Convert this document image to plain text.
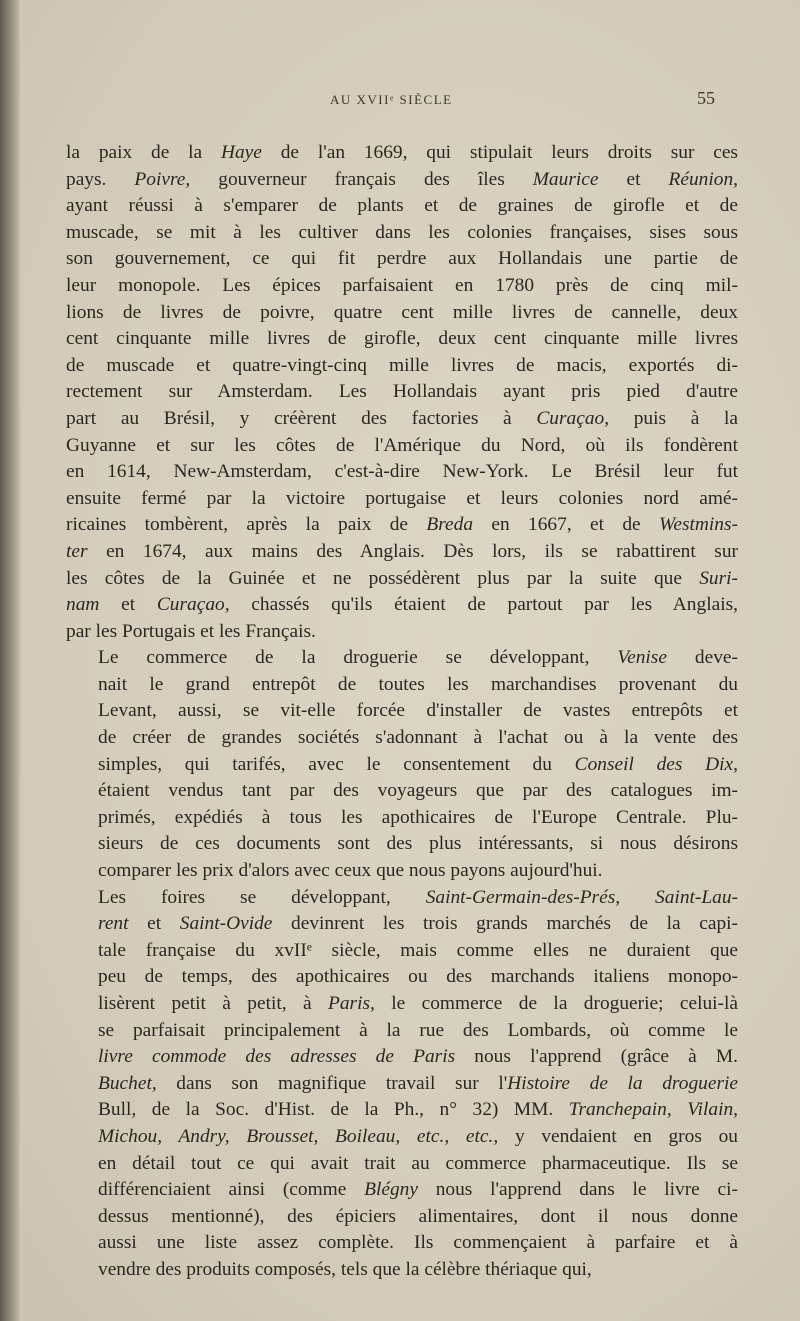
AU XVIIᵉ SIÈCLE	55

la paix de la Haye de l'an 1669, qui stipulait leurs droits sur ces
pays. Poivre, gouverneur français des îles Maurice et Réunion,
ayant réussi à s'emparer de plants et de graines de girofle et de
muscade, se mit à les cultiver dans les colonies françaises, sises sous
son gouvernement, ce qui fit perdre aux Hollandais une partie de
leur monopole. Les épices parfaisaient en 1780 près de cinq mil-
lions de livres de poivre, quatre cent mille livres de cannelle, deux
cent cinquante mille livres de girofle, deux cent cinquante mille livres
de muscade et quatre-vingt-cinq mille livres de macis, exportés di-
rectement sur Amsterdam. Les Hollandais ayant pris pied d'autre
part au Brésil, y créèrent des factories à Curaçao, puis à la
Guyanne et sur les côtes de l'Amérique du Nord, où ils fondèrent
en 1614, New-Amsterdam, c'est-à-dire New-York. Le Brésil leur fut
ensuite fermé par la victoire portugaise et leurs colonies nord amé-
ricaines tombèrent, après la paix de Breda en 1667, et de Westmins-
ter en 1674, aux mains des Anglais. Dès lors, ils se rabattirent sur
les côtes de la Guinée et ne possédèrent plus par la suite que Suri-
nam et Curaçao, chassés qu'ils étaient de partout par les Anglais,
par les Portugais et les Français.

Le commerce de la droguerie se développant, Venise deve-
nait le grand entrepôt de toutes les marchandises provenant du
Levant, aussi, se vit-elle forcée d'installer de vastes entrepôts et
de créer de grandes sociétés s'adonnant à l'achat ou à la vente des
simples, qui tarifés, avec le consentement du Conseil des Dix,
étaient vendus tant par des voyageurs que par des catalogues im-
primés, expédiés à tous les apothicaires de l'Europe Centrale. Plu-
sieurs de ces documents sont des plus intéressants, si nous désirons
comparer les prix d'alors avec ceux que nous payons aujourd'hui.

Les foires se développant, Saint-Germain-des-Prés, Saint-Lau-
rent et Saint-Ovide devinrent les trois grands marchés de la capi-
tale française du xvIIᵉ siècle, mais comme elles ne duraient que
peu de temps, des apothicaires ou des marchands italiens monopo-
lisèrent petit à petit, à Paris, le commerce de la droguerie; celui-là
se parfaisait principalement à la rue des Lombards, où comme le
livre commode des adresses de Paris nous l'apprend (grâce à M.
Buchet, dans son magnifique travail sur l'Histoire de la droguerie
Bull, de la Soc. d'Hist. de la Ph., n° 32) MM. Tranchepain, Vilain,
Michou, Andry, Brousset, Boileau, etc., etc., y vendaient en gros ou
en détail tout ce qui avait trait au commerce pharmaceutique. Ils se
différenciaient ainsi (comme Blégny nous l'apprend dans le livre ci-
dessus mentionné), des épiciers alimentaires, dont il nous donne
aussi une liste assez complète. Ils commençaient à parfaire et à
vendre des produits composés, tels que la célèbre thériaque qui,
